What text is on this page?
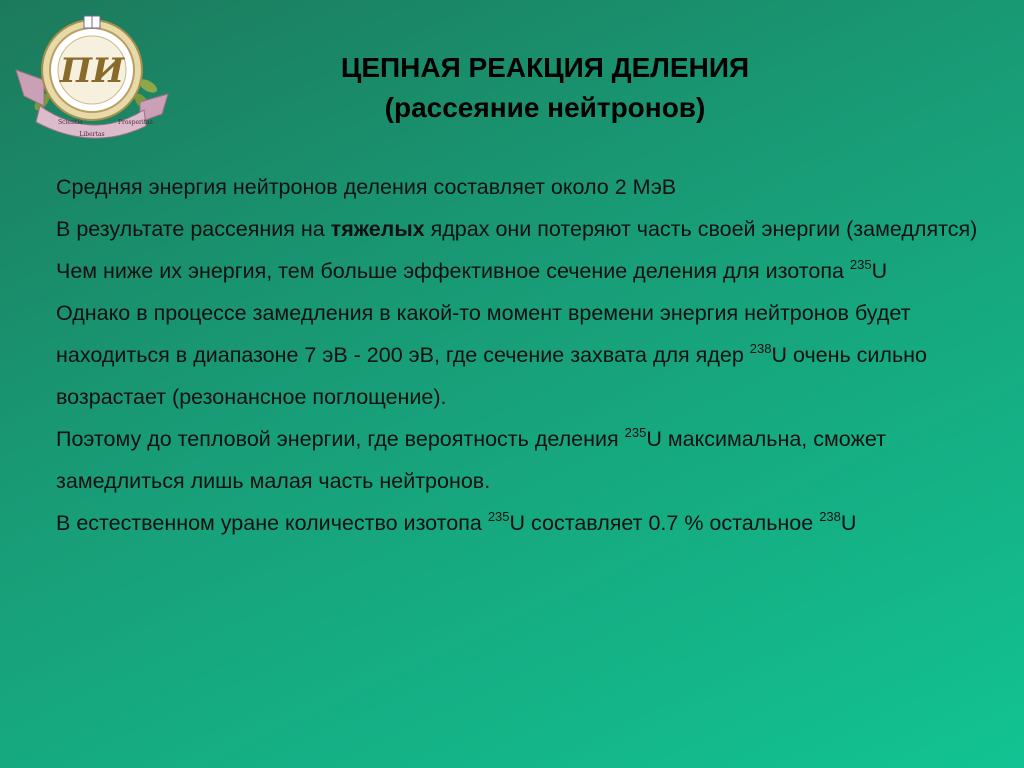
ПИ
Scientia
Libertas
Prosperitas
ЦЕПНАЯ РЕАКЦИЯ ДЕЛЕНИЯ
(рассеяние нейтронов)

Средняя энергия нейтронов деления составляет около 2 МэВ

В результате рассеяния на тяжелых ядрах они потеряют часть своей энергии (замедлятся)

Чем ниже их энергия, тем больше эффективное сечение деления для изотопа $^{235}$U

Однако в процессе замедления в какой-то момент времени энергия нейтронов будет находиться в диапазоне 7 эВ - 200 эВ, где сечение захвата для ядер $^{238}$U очень сильно возрастает (резонансное поглощение).

Поэтому до тепловой энергии, где вероятность деления $^{235}$U максимальна, сможет замедлиться лишь малая часть нейтронов.

В естественном уране количество изотопа $^{235}$U составляет 0.7 % остальное $^{238}$U
